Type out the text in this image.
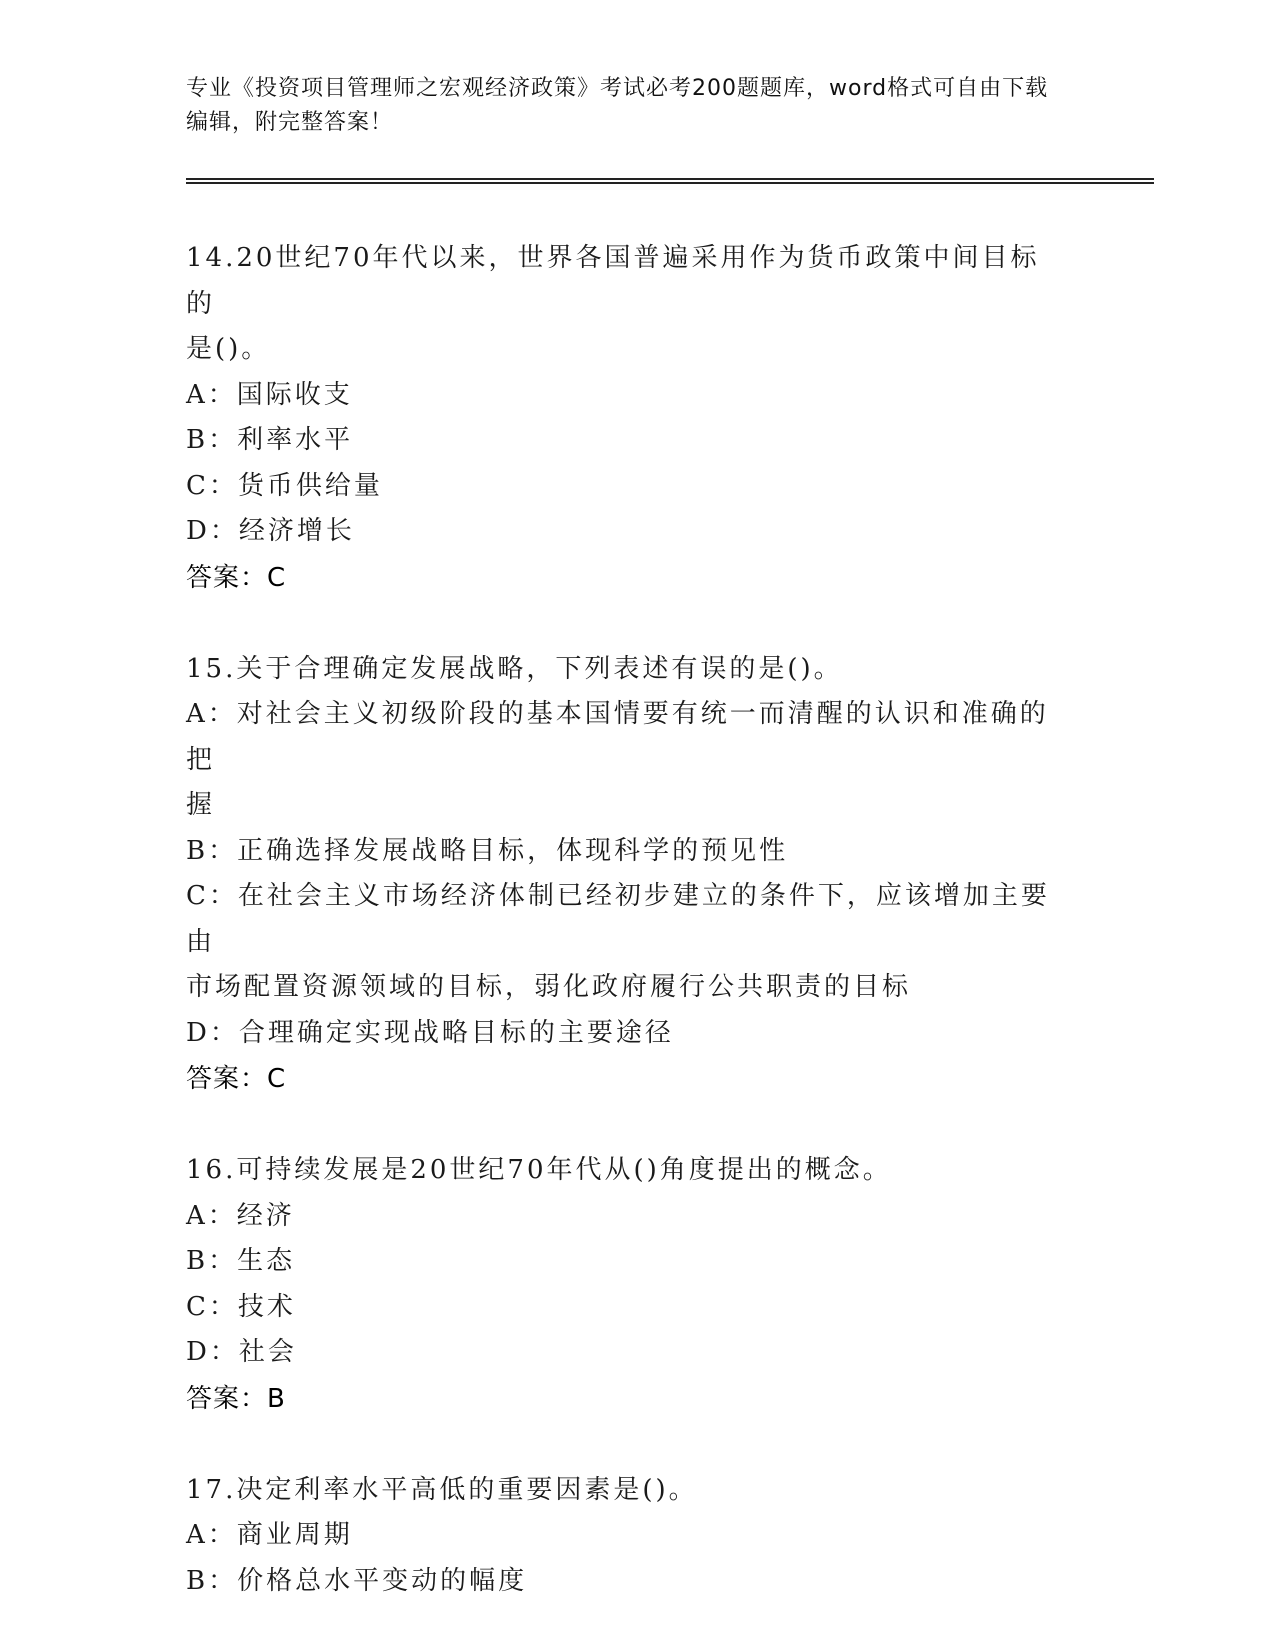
专业《投资项目管理师之宏观经济政策》考试必考200题题库，word格式可自由下载编辑，附完整答案！
14.20世纪70年代以来，世界各国普遍采用作为货币政策中间目标的
是()。
A：国际收支
B：利率水平
C：货币供给量
D：经济增长
答案：C
15.关于合理确定发展战略，下列表述有误的是()。
A：对社会主义初级阶段的基本国情要有统一而清醒的认识和准确的把
握
B：正确选择发展战略目标，体现科学的预见性
C：在社会主义市场经济体制已经初步建立的条件下，应该增加主要由
市场配置资源领域的目标，弱化政府履行公共职责的目标
D：合理确定实现战略目标的主要途径
答案：C
16.可持续发展是20世纪70年代从()角度提出的概念。
A：经济
B：生态
C：技术
D：社会
答案：B
17.决定利率水平高低的重要因素是()。
A：商业周期
B：价格总水平变动的幅度
